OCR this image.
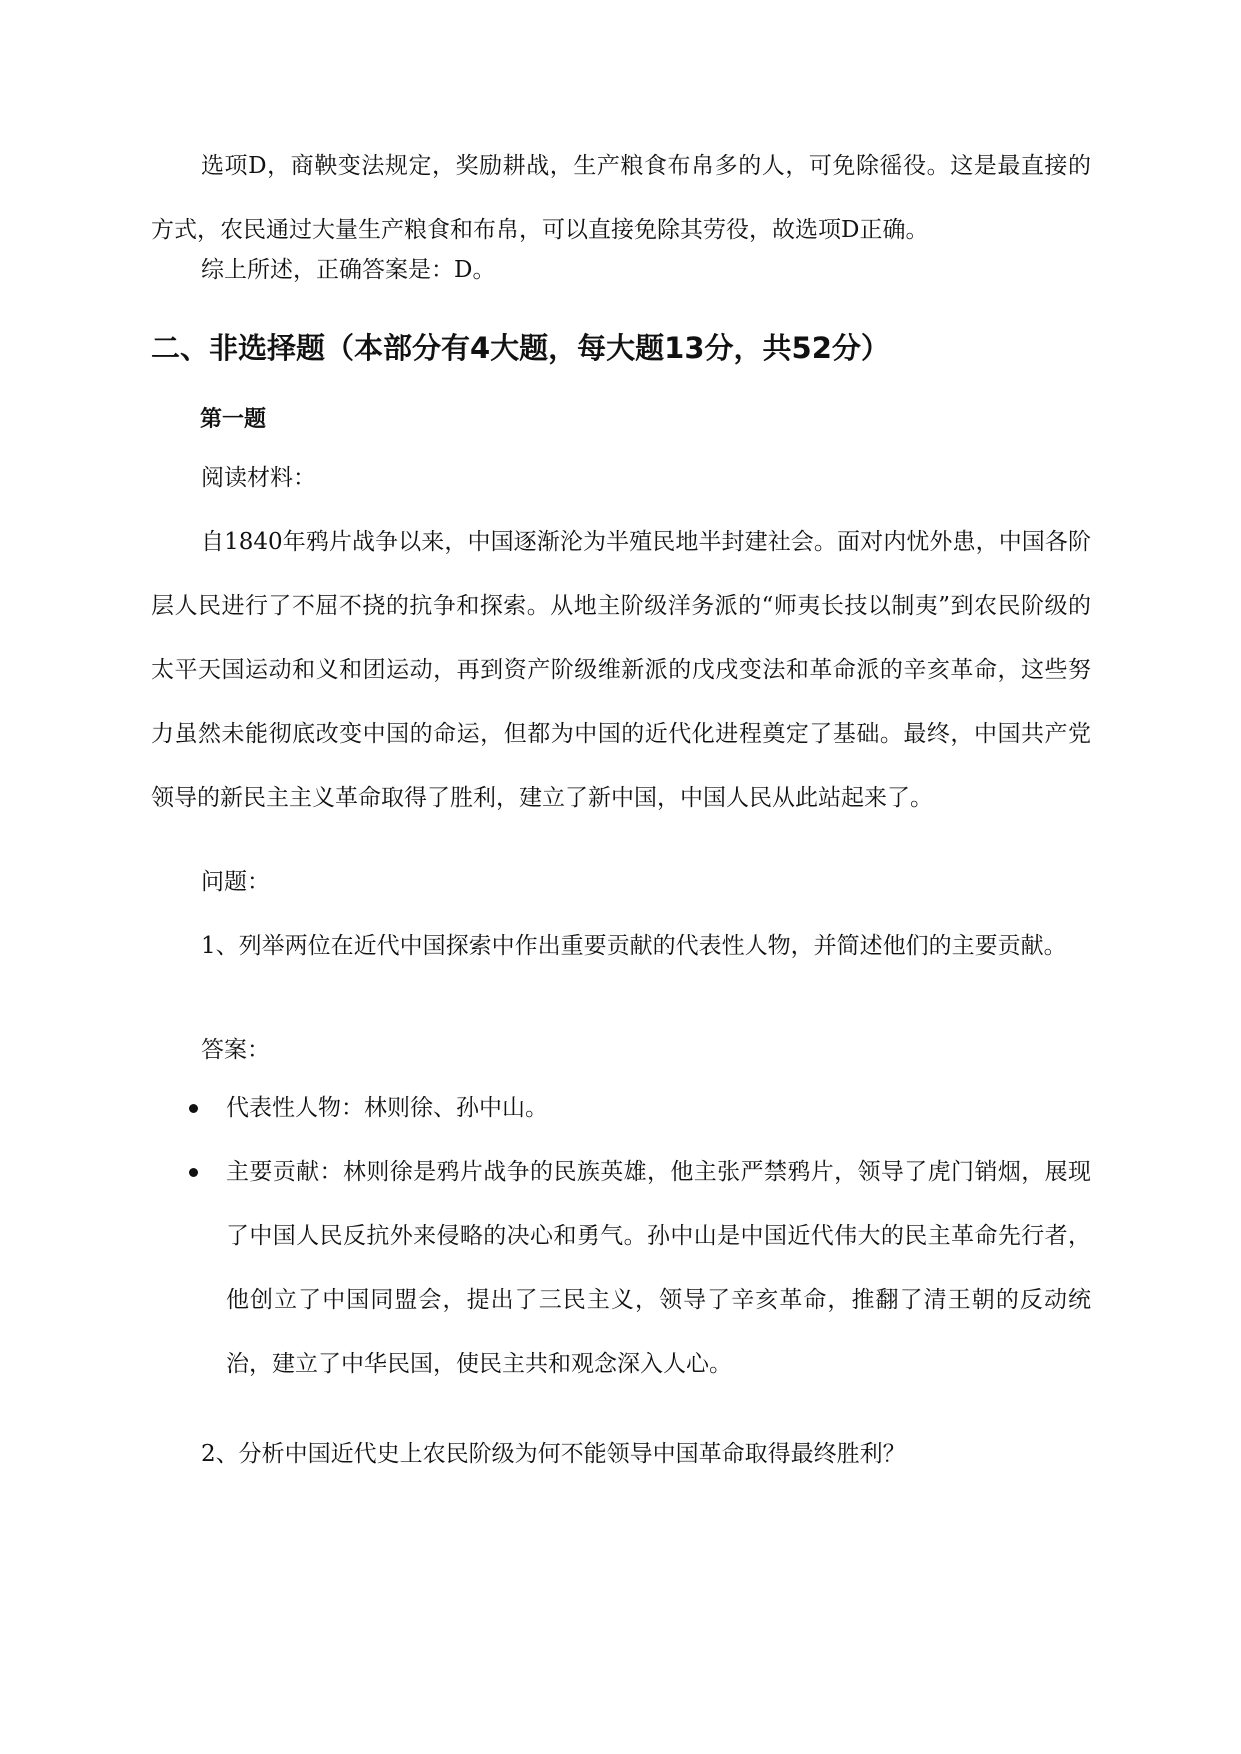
选项D，商鞅变法规定，奖励耕战，生产粮食布帛多的人，可免除徭役。这是最直接的方式，农民通过大量生产粮食和布帛，可以直接免除其劳役，故选项D正确。

综上所述，正确答案是：D。

二、非选择题（本部分有4大题，每大题13分，共52分）
第一题

阅读材料：

自1840年鸦片战争以来，中国逐渐沦为半殖民地半封建社会。面对内忧外患，中国各阶层人民进行了不屈不挠的抗争和探索。从地主阶级洋务派的“师夷长技以制夷”到农民阶级的太平天国运动和义和团运动，再到资产阶级维新派的戊戌变法和革命派的辛亥革命，这些努力虽然未能彻底改变中国的命运，但都为中国的近代化进程奠定了基础。最终，中国共产党领导的新民主主义革命取得了胜利，建立了新中国，中国人民从此站起来了。

问题：

1、列举两位在近代中国探索中作出重要贡献的代表性人物，并简述他们的主要贡献。

答案：

代表性人物：林则徐、孙中山。
主要贡献：林则徐是鸦片战争的民族英雄，他主张严禁鸦片，领导了虎门销烟，展现了中国人民反抗外来侵略的决心和勇气。孙中山是中国近代伟大的民主革命先行者，他创立了中国同盟会，提出了三民主义，领导了辛亥革命，推翻了清王朝的反动统治，建立了中华民国，使民主共和观念深入人心。

2、分析中国近代史上农民阶级为何不能领导中国革命取得最终胜利？
